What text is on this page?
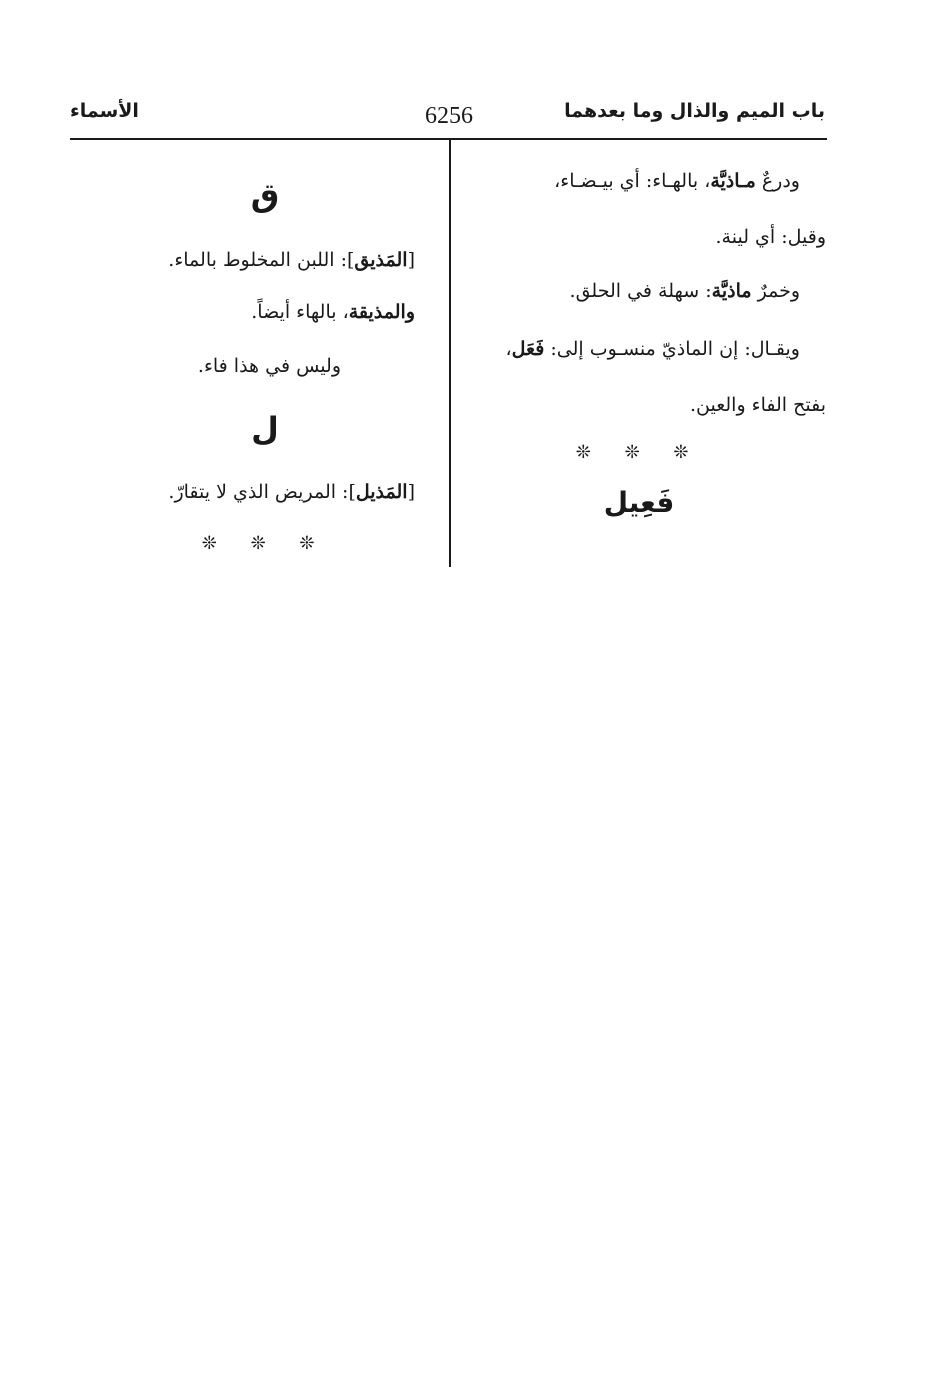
باب الميم والذال وما بعدهما
6256
الأسماء
ودرعٌ مـاذيَّة، بالهـاء: أي بيـضـاء،
وقيل: أي لينة.
وخمرٌ ماذيَّة: سهلة في الحلق.
ويقـال: إن الماذيّ منسـوب إلى: فَعَل،
بفتح الفاء والعين.
❊ ❊ ❊
فَعِيل
ق
[المَذيق]: اللبن المخلوط بالماء.
والمذيقة، بالهاء أيضاً.
وليس في هذا فاء.
ل
[المَذيل]: المريض الذي لا يتقارّ.
❊ ❊ ❊
